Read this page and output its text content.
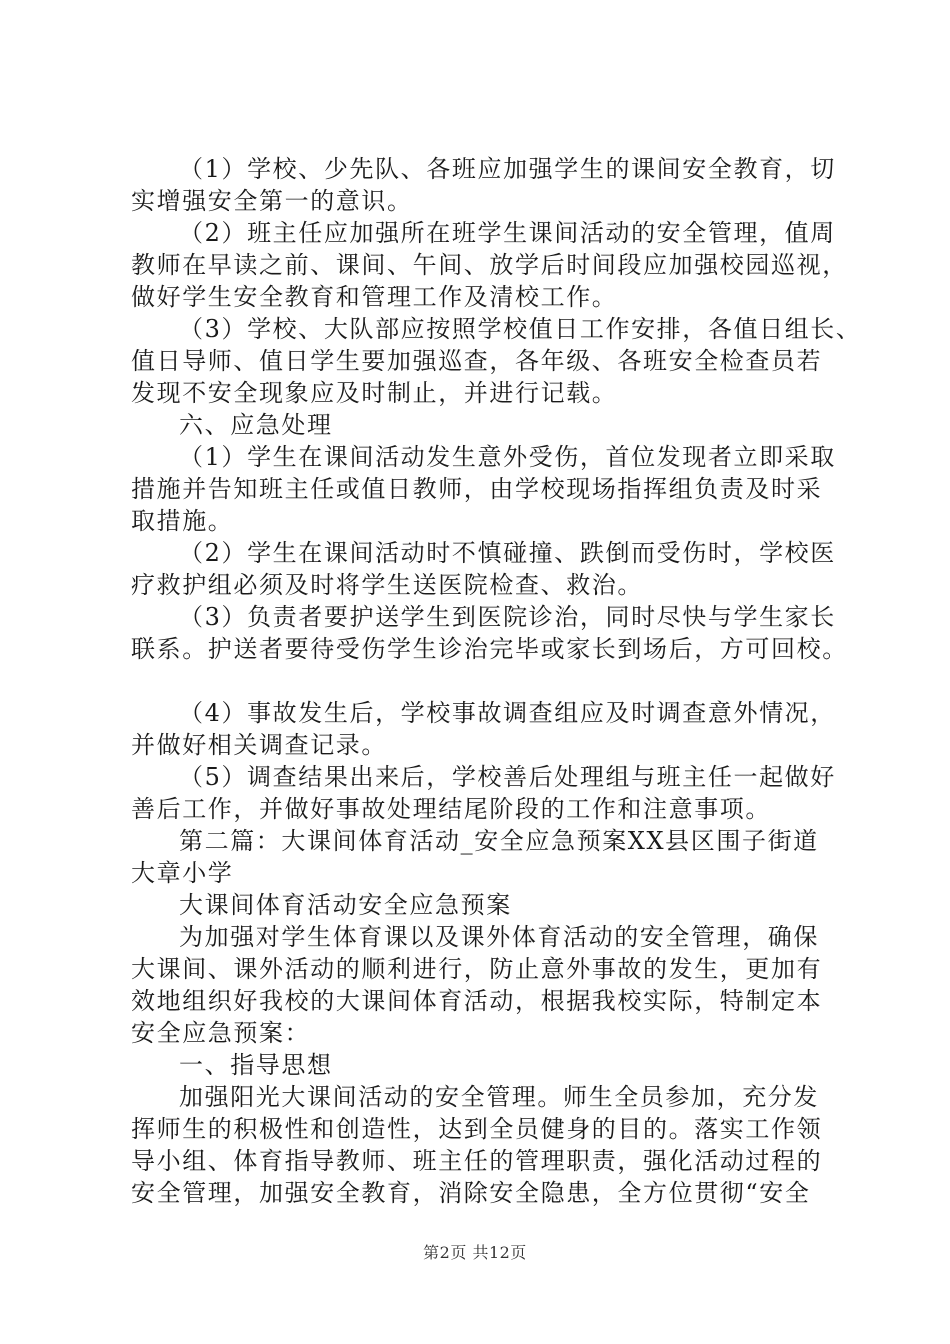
（1）学校、少先队、各班应加强学生的课间安全教育，切
实增强安全第一的意识。
（2）班主任应加强所在班学生课间活动的安全管理，值周
教师在早读之前、课间、午间、放学后时间段应加强校园巡视，
做好学生安全教育和管理工作及清校工作。
（3）学校、大队部应按照学校值日工作安排，各值日组长、
值日导师、值日学生要加强巡查，各年级、各班安全检查员若
发现不安全现象应及时制止，并进行记载。
六、应急处理
（1）学生在课间活动发生意外受伤，首位发现者立即采取
措施并告知班主任或值日教师，由学校现场指挥组负责及时采
取措施。
（2）学生在课间活动时不慎碰撞、跌倒而受伤时，学校医
疗救护组必须及时将学生送医院检查、救治。
（3）负责者要护送学生到医院诊治，同时尽快与学生家长
联系。护送者要待受伤学生诊治完毕或家长到场后，方可回校。
（4）事故发生后，学校事故调查组应及时调查意外情况，
并做好相关调查记录。
（5）调查结果出来后，学校善后处理组与班主任一起做好
善后工作，并做好事故处理结尾阶段的工作和注意事项。
第二篇：大课间体育活动_安全应急预案XX县区围子街道
大章小学
大课间体育活动安全应急预案
为加强对学生体育课以及课外体育活动的安全管理，确保
大课间、课外活动的顺利进行，防止意外事故的发生，更加有
效地组织好我校的大课间体育活动，根据我校实际，特制定本
安全应急预案：
一、指导思想
加强阳光大课间活动的安全管理。师生全员参加，充分发
挥师生的积极性和创造性，达到全员健身的目的。落实工作领
导小组、体育指导教师、班主任的管理职责，强化活动过程的
安全管理，加强安全教育，消除安全隐患，全方位贯彻“安全
第2页 共12页
